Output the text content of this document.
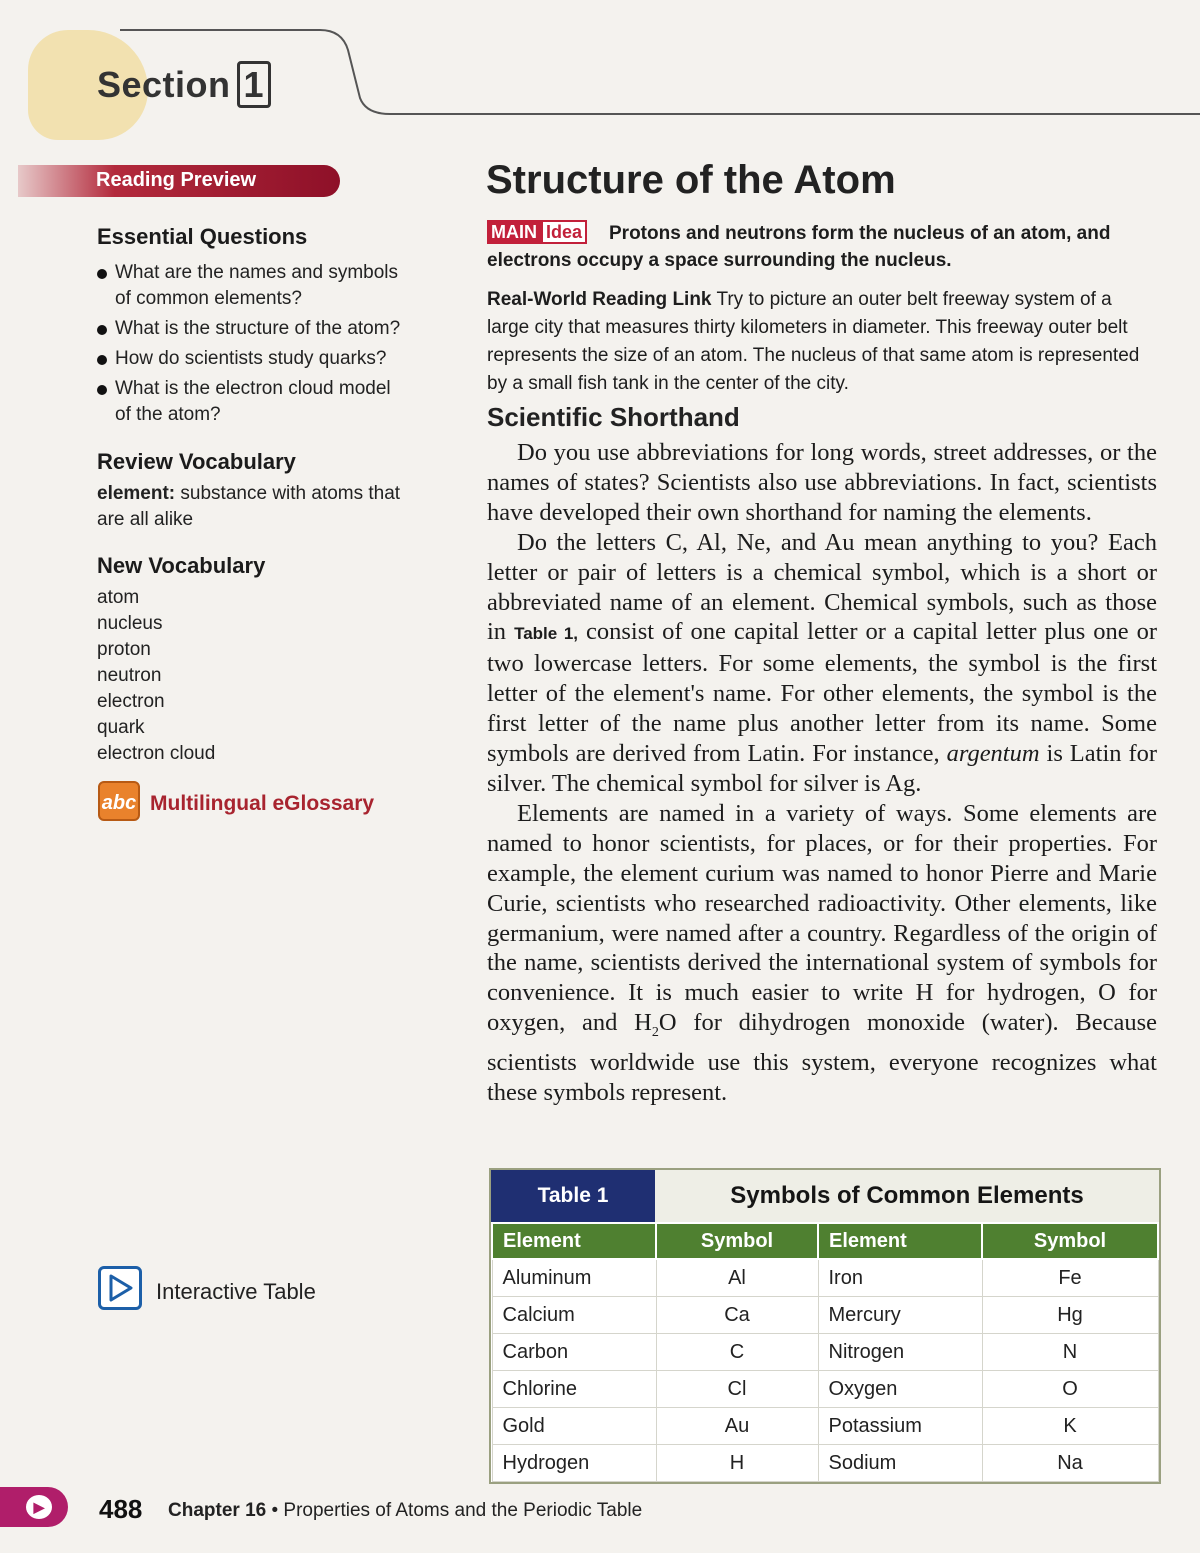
Section 1
Reading Preview
Essential Questions
What are the names and symbols of common elements?
What is the structure of the atom?
How do scientists study quarks?
What is the electron cloud model of the atom?
Review Vocabulary
element: substance with atoms that are all alike
New Vocabulary
atom
nucleus
proton
neutron
electron
quark
electron cloud
abc Multilingual eGlossary
Interactive Table
Structure of the Atom
Protons and neutrons form the nucleus of an atom, and electrons occupy a space surrounding the nucleus.
MAIN Idea
Real-World Reading Link Try to picture an outer belt freeway system of a large city that measures thirty kilometers in diameter. This freeway outer belt represents the size of an atom. The nucleus of that same atom is represented by a small fish tank in the center of the city.
Scientific Shorthand

Do you use abbreviations for long words, street addresses, or the names of states? Scientists also use abbreviations. In fact, scientists have developed their own shorthand for naming the elements.

Do the letters C, Al, Ne, and Au mean anything to you? Each letter or pair of letters is a chemical symbol, which is a short or abbreviated name of an element. Chemical symbols, such as those in Table 1, consist of one capital letter or a capital letter plus one or two lowercase letters. For some elements, the symbol is the first letter of the element's name. For other elements, the symbol is the first letter of the name plus another letter from its name. Some symbols are derived from Latin. For instance, argentum is Latin for silver. The chemical symbol for silver is Ag.

Elements are named in a variety of ways. Some elements are named to honor scientists, for places, or for their properties. For example, the element curium was named to honor Pierre and Marie Curie, scientists who researched radioactivity. Other elements, like germanium, were named after a country. Regardless of the origin of the name, scientists derived the international system of symbols for convenience. It is much easier to write H for hydrogen, O for oxygen, and $H_2O$ for dihydrogen monoxide (water). Because scientists worldwide use this system, everyone recognizes what these symbols represent.

Table 1	Symbols of Common Elements
Element	Symbol	Element	Symbol
Aluminum	Al	Iron	Fe
Calcium	Ca	Mercury	Hg
Carbon	C	Nitrogen	N
Chlorine	Cl	Oxygen	O
Gold	Au	Potassium	K
Hydrogen	H	Sodium	Na
▶ 488 Chapter 16 • Properties of Atoms and the Periodic Table
